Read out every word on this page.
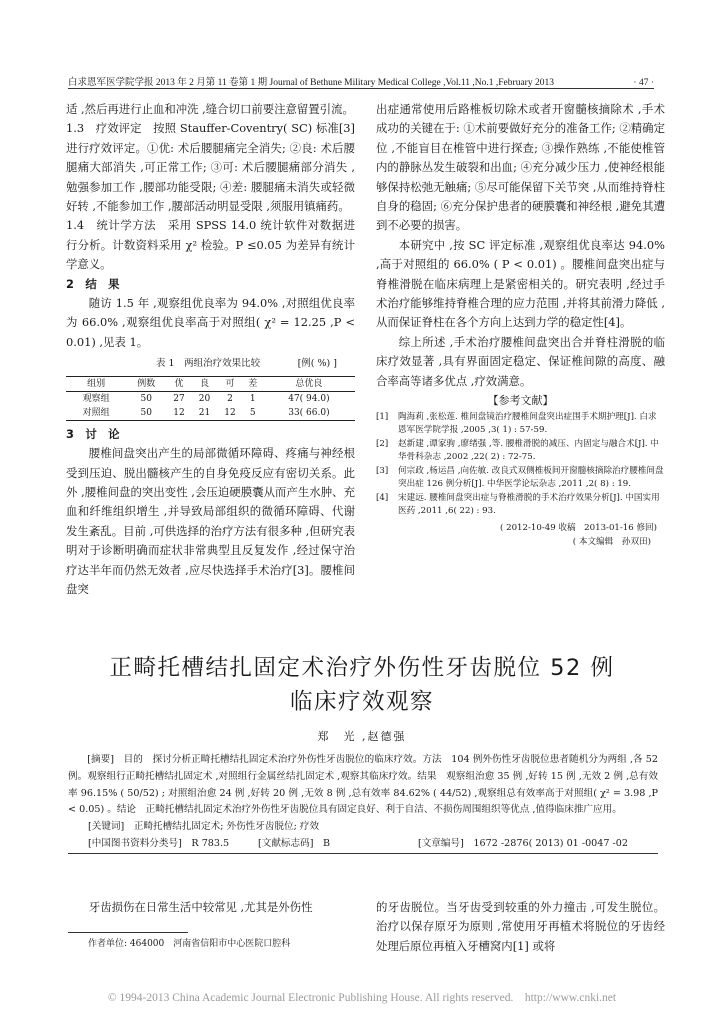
白求恩军医学院学报 2013 年 2 月第 11 卷第 1 期 Journal of Bethune Military Medical College ,Vol.11 ,No.1 ,February 2013	· 47 ·

适 ,然后再进行止血和冲洗 ,缝合切口前要注意留置引流。

1.3　疗效评定　按照 Stauffer-Coventry( SC) 标准[3] 进行疗效评定。①优: 术后腰腿痛完全消失; ②良: 术后腰腿痛大部消失 ,可正常工作; ③可: 术后腰腿痛部分消失 ,勉强参加工作 ,腰部功能受限; ④差: 腰腿痛未消失或轻微好转 ,不能参加工作 ,腰部活动明显受限 ,须服用镇痛药。

1.4　统计学方法　采用 SPSS 14.0 统计软件对数据进行分析。计数资料采用 χ² 检验。P ≤0.05 为差异有统计学意义。

2　结　果

随访 1.5 年 ,观察组优良率为 94.0% ,对照组优良率为 66.0% ,观察组优良率高于对照组( χ² = 12.25 ,P < 0.01) ,见表 1。

表 1　两组治疗效果比较	[例( %) ]
组别	例数	优	良	可	差	总优良
观察组	50	27	20	2	1	47( 94.0)
对照组	50	12	21	12	5	33( 66.0)

3　讨　论

腰椎间盘突出产生的局部微循环障碍、疼痛与神经根受到压迫、脱出髓核产生的自身免疫反应有密切关系。此外 ,腰椎间盘的突出变性 ,会压迫硬膜囊从而产生水肿、充血和纤维组织增生 ,并导致局部组织的微循环障碍、代谢发生紊乱。目前 ,可供选择的治疗方法有很多种 ,但研究表明对于诊断明确而症状非常典型且反复发作 ,经过保守治疗达半年而仍然无效者 ,应尽快选择手术治疗[3]。腰椎间盘突

出症通常使用后路椎板切除术或者开窗髓核摘除术 ,手术成功的关键在于: ①术前要做好充分的准备工作; ②精确定位 ,不能盲目在椎管中进行探查; ③操作熟练 ,不能使椎管内的静脉丛发生破裂和出血; ④充分减少压力 ,使神经根能够保持松弛无触痛; ⑤尽可能保留下关节突 ,从而维持脊柱自身的稳固; ⑥充分保护患者的硬膜囊和神经根 ,避免其遭到不必要的损害。

本研究中 ,按 SC 评定标准 ,观察组优良率达 94.0% ,高于对照组的 66.0% ( P < 0.01) 。腰椎间盘突出症与脊椎滑脱在临床病理上是紧密相关的。研究表明 ,经过手术治疗能够维持脊椎合理的应力范围 ,并将其前滑力降低 ,从而保证脊柱在各个方向上达到力学的稳定性[4]。

综上所述 ,手术治疗腰椎间盘突出合并脊柱滑脱的临床疗效显著 ,具有界面固定稳定、保证椎间隙的高度、融合率高等诸多优点 ,疗效满意。

【参考文献】

[1]	陶海莉 ,张松莲. 椎间盘镜治疗腰椎间盘突出症围手术期护理[J]. 白求恩军医学院学报 ,2005 ,3( 1) : 57-59.
[2]	赵新建 ,谭家驹 ,廖绪强 ,等. 腰椎滑脱的减压、内固定与融合术[J]. 中华骨科杂志 ,2002 ,22( 2) : 72-75.
[3]	何宗政 ,杨运昌 ,向佐敏. 改良式双侧椎板间开窗髓核摘除治疗腰椎间盘突出症 126 例分析[J]. 中华医学论坛杂志 ,2011 ,2( 8) : 19.
[4]	宋建远. 腰椎间盘突出症与脊椎滑脱的手术治疗效果分析[J]. 中国实用医药 ,2011 ,6( 22) : 93.

( 2012-10-49 收稿　2013-01-16 修回)

( 本文编辑　孙双田)

正畸托槽结扎固定术治疗外伤性牙齿脱位 52 例
临床疗效观察
郑　光 ,赵德强

[摘要]　目的　探讨分析正畸托槽结扎固定术治疗外伤性牙齿脱位的临床疗效。方法　104 例外伤性牙齿脱位患者随机分为两组 ,各 52 例。观察组行正畸托槽结扎固定术 ,对照组行金属丝结扎固定术 ,观察其临床疗效。结果　观察组治愈 35 例 ,好转 15 例 ,无效 2 例 ,总有效率 96.15% ( 50/52) ; 对照组治愈 24 例 ,好转 20 例 ,无效 8 例 ,总有效率 84.62% ( 44/52) ,观察组总有效率高于对照组( χ² = 3.98 ,P < 0.05) 。结论　正畸托槽结扎固定术治疗外伤性牙齿脱位具有固定良好、利于自洁、不损伤周围组织等优点 ,值得临床推广应用。

[关键词]　正畸托槽结扎固定术; 外伤性牙齿脱位; 疗效

[中国图书资料分类号]　R 783.5	[文献标志码]　B	[文章编号]　1672 -2876( 2013) 01 -0047 -02

牙齿损伤在日常生活中较常见 ,尤其是外伤性	的牙齿脱位。当牙齿受到较重的外力撞击 ,可发生脱位。治疗以保存原牙为原则 ,常使用牙再植术将脱位的牙齿经处理后原位再植入牙槽窝内[1] 或将

作者单位: 464000　河南省信阳市中心医院口腔科
© 1994-2013 China Academic Journal Electronic Publishing House. All rights reserved.　http://www.cnki.net
